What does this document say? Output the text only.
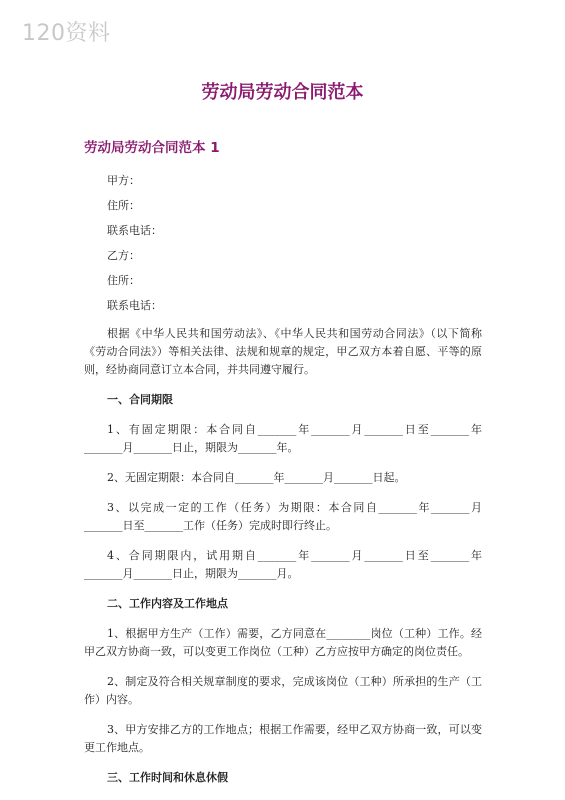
120资料
劳动局劳动合同范本
劳动局劳动合同范本 1
甲方：
住所：
联系电话：
乙方：
住所：
联系电话：

根据《中华人民共和国劳动法》、《中华人民共和国劳动合同法》（以下简称《劳动合同法》）等相关法律、法规和规章的规定，甲乙双方本着自愿、平等的原则，经协商同意订立本合同，并共同遵守履行。

一、合同期限

1、有固定期限：本合同自_______年_______月_______日至_______年_______月_______日止，期限为_______年。

2、无固定期限：本合同自_______年_______月_______日起。

3、以完成一定的工作（任务）为期限：本合同自_______年_______月_______日至_______工作（任务）完成时即行终止。

4、合同期限内，试用期自_______年_______月_______日至_______年_______月_______日止，期限为_______月。

二、工作内容及工作地点

1、根据甲方生产（工作）需要，乙方同意在________岗位（工种）工作。经甲乙双方协商一致，可以变更工作岗位（工种）乙方应按甲方确定的岗位责任。

2、制定及符合相关规章制度的要求，完成该岗位（工种）所承担的生产（工作）内容。

3、甲方安排乙方的工作地点；根据工作需要，经甲乙双方协商一致，可以变更工作地点。

三、工作时间和休息休假
